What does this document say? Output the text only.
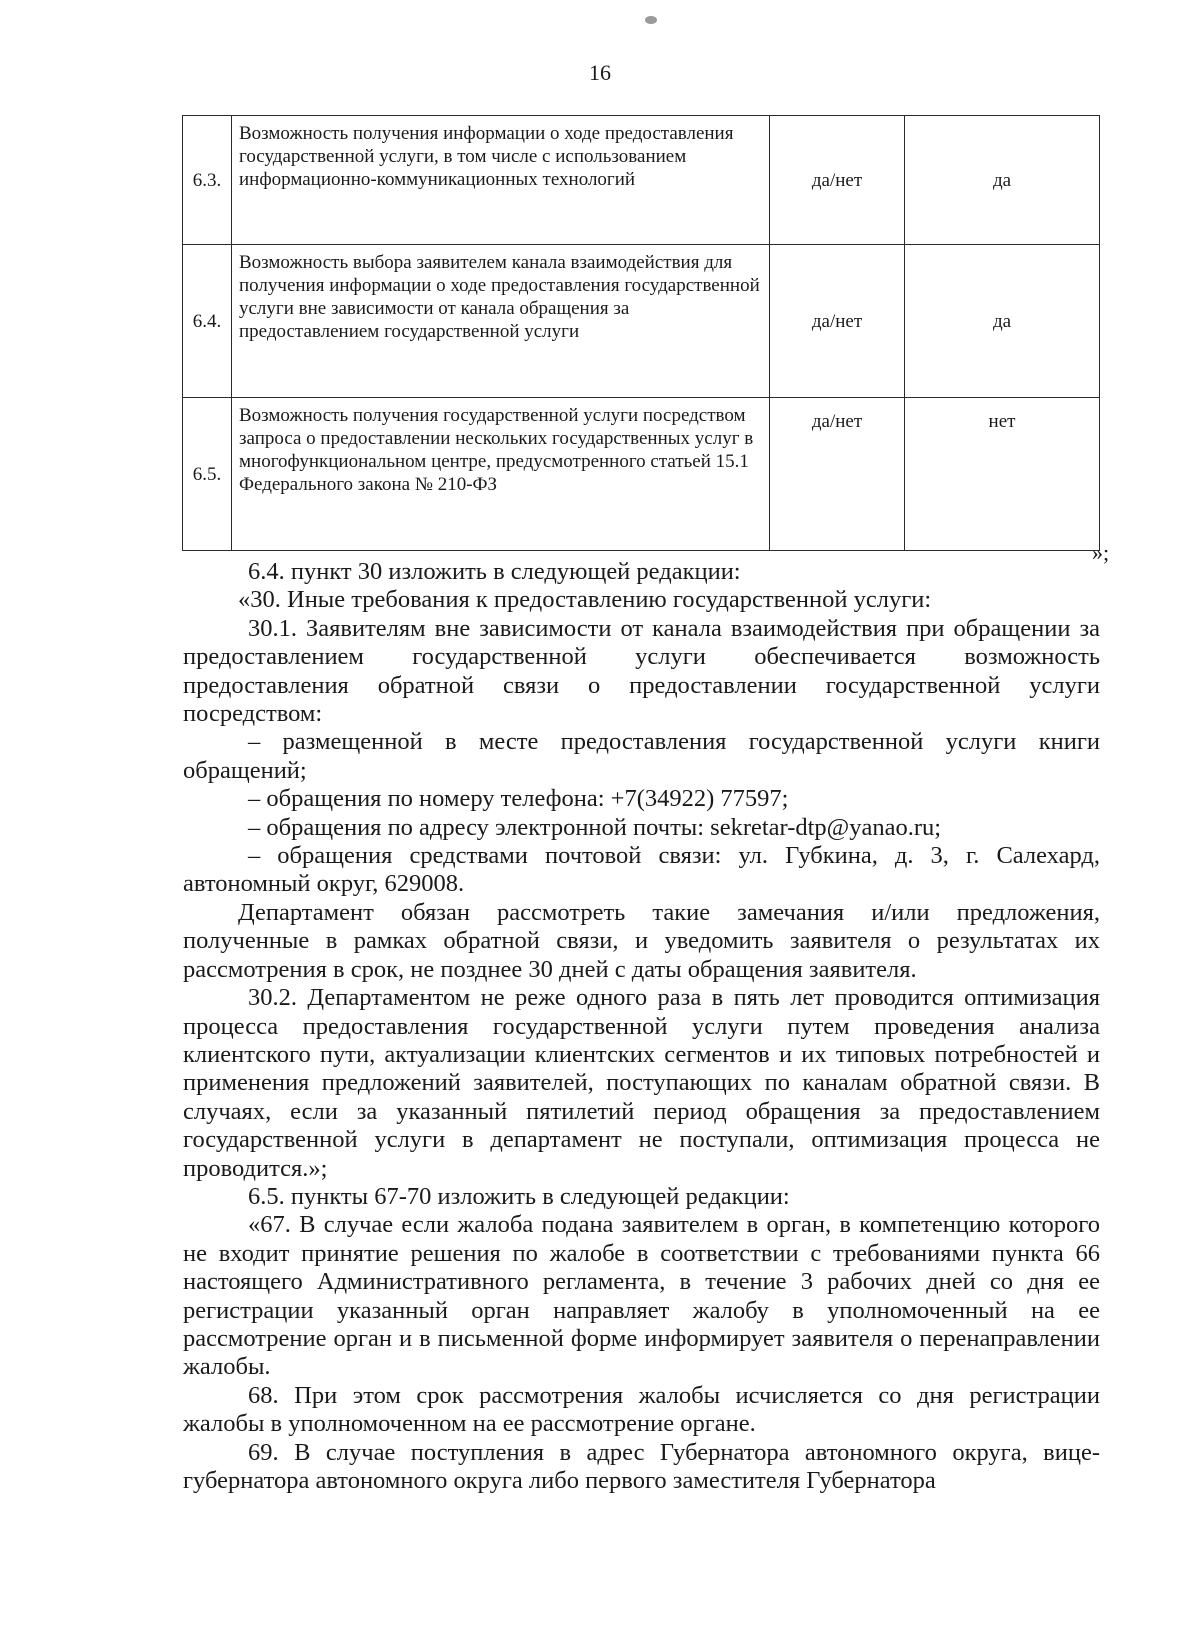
16
6.3.	Возможность получения информации о ходе предоставления государственной услуги, в том числе с использованием информационно-коммуникационных технологий	да/нет	да
6.4.	Возможность выбора заявителем канала взаимодействия для получения информации о ходе предоставления государственной услуги вне зависимости от канала обращения за предоставлением государственной услуги	да/нет	да
6.5.	Возможность получения государственной услуги посредством запроса о предоставлении нескольких государственных услуг в многофункциональном центре, предусмотренного статьей 15.1 Федерального закона № 210-ФЗ	да/нет	нет
»;

6.4. пункт 30 изложить в следующей редакции:

«30. Иные требования к предоставлению государственной услуги:

30.1. Заявителям вне зависимости от канала взаимодействия при обращении за предоставлением государственной услуги обеспечивается возможность предоставления обратной связи о предоставлении государственной услуги посредством:

– размещенной в месте предоставления государственной услуги книги обращений;

– обращения по номеру телефона: +7(34922) 77597;

– обращения по адресу электронной почты: sekretar-dtp@yanao.ru;

– обращения средствами почтовой связи: ул. Губкина, д. 3, г. Салехард, автономный округ, 629008.

Департамент обязан рассмотреть такие замечания и/или предложения, полученные в рамках обратной связи, и уведомить заявителя о результатах их рассмотрения в срок, не позднее 30 дней с даты обращения заявителя.

30.2. Департаментом не реже одного раза в пять лет проводится оптимизация процесса предоставления государственной услуги путем проведения анализа клиентского пути, актуализации клиентских сегментов и их типовых потребностей и применения предложений заявителей, поступающих по каналам обратной связи. В случаях, если за указанный пятилетий период обращения за предоставлением государственной услуги в департамент не поступали, оптимизация процесса не проводится.»;

6.5. пункты 67-70 изложить в следующей редакции:

«67. В случае если жалоба подана заявителем в орган, в компетенцию которого не входит принятие решения по жалобе в соответствии с требованиями пункта 66 настоящего Административного регламента, в течение 3 рабочих дней со дня ее регистрации указанный орган направляет жалобу в уполномоченный на ее рассмотрение орган и в письменной форме информирует заявителя о перенаправлении жалобы.

68. При этом срок рассмотрения жалобы исчисляется со дня регистрации жалобы в уполномоченном на ее рассмотрение органе.

69. В случае поступления в адрес Губернатора автономного округа, вице-губернатора автономного округа либо первого заместителя Губернатора
